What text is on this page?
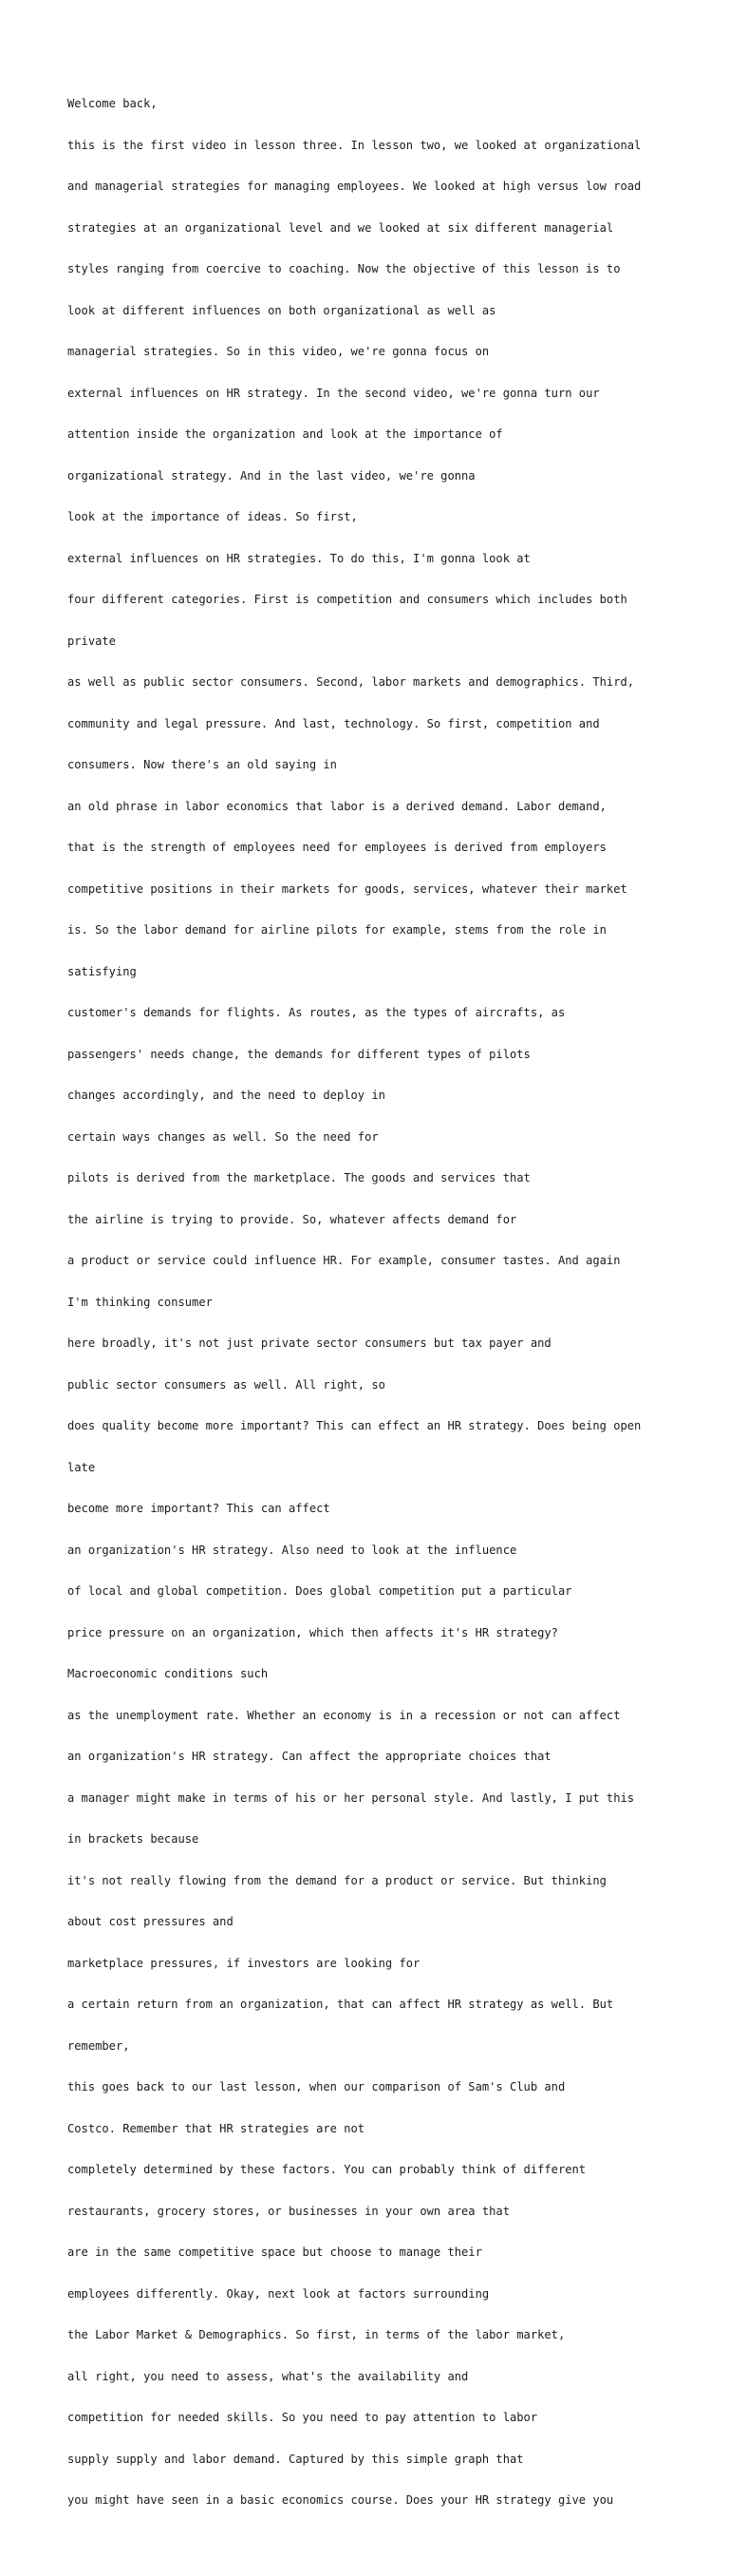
Welcome back,

this is the first video in lesson three. In lesson two, we looked at organizational

and managerial strategies for managing employees. We looked at high versus low road

strategies at an organizational level and we looked at six different managerial

styles ranging from coercive to coaching. Now the objective of this lesson is to

look at different influences on both organizational as well as

managerial strategies. So in this video, we're gonna focus on

external influences on HR strategy. In the second video, we're gonna turn our

attention inside the organization and look at the importance of

organizational strategy. And in the last video, we're gonna

look at the importance of ideas. So first,

external influences on HR strategies. To do this, I'm gonna look at

four different categories. First is competition and consumers which includes both

private

as well as public sector consumers. Second, labor markets and demographics. Third,

community and legal pressure. And last, technology. So first, competition and

consumers. Now there's an old saying in

an old phrase in labor economics that labor is a derived demand. Labor demand,

that is the strength of employees need for employees is derived from employers

competitive positions in their markets for goods, services, whatever their market

is. So the labor demand for airline pilots for example, stems from the role in

satisfying

customer's demands for flights. As routes, as the types of aircrafts, as

passengers' needs change, the demands for different types of pilots

changes accordingly, and the need to deploy in

certain ways changes as well. So the need for

pilots is derived from the marketplace. The goods and services that

the airline is trying to provide. So, whatever affects demand for

a product or service could influence HR. For example, consumer tastes. And again

I'm thinking consumer

here broadly, it's not just private sector consumers but tax payer and

public sector consumers as well. All right, so

does quality become more important? This can effect an HR strategy. Does being open

late

become more important? This can affect

an organization's HR strategy. Also need to look at the influence

of local and global competition. Does global competition put a particular

price pressure on an organization, which then affects it's HR strategy?

Macroeconomic conditions such

as the unemployment rate. Whether an economy is in a recession or not can affect

an organization's HR strategy. Can affect the appropriate choices that

a manager might make in terms of his or her personal style. And lastly, I put this

in brackets because

it's not really flowing from the demand for a product or service. But thinking

about cost pressures and

marketplace pressures, if investors are looking for

a certain return from an organization, that can affect HR strategy as well. But

remember,

this goes back to our last lesson, when our comparison of Sam's Club and

Costco. Remember that HR strategies are not

completely determined by these factors. You can probably think of different

restaurants, grocery stores, or businesses in your own area that

are in the same competitive space but choose to manage their

employees differently. Okay, next look at factors surrounding

the Labor Market & Demographics. So first, in terms of the labor market,

all right, you need to assess, what's the availability and

competition for needed skills. So you need to pay attention to labor

supply supply and labor demand. Captured by this simple graph that

you might have seen in a basic economics course. Does your HR strategy give you
